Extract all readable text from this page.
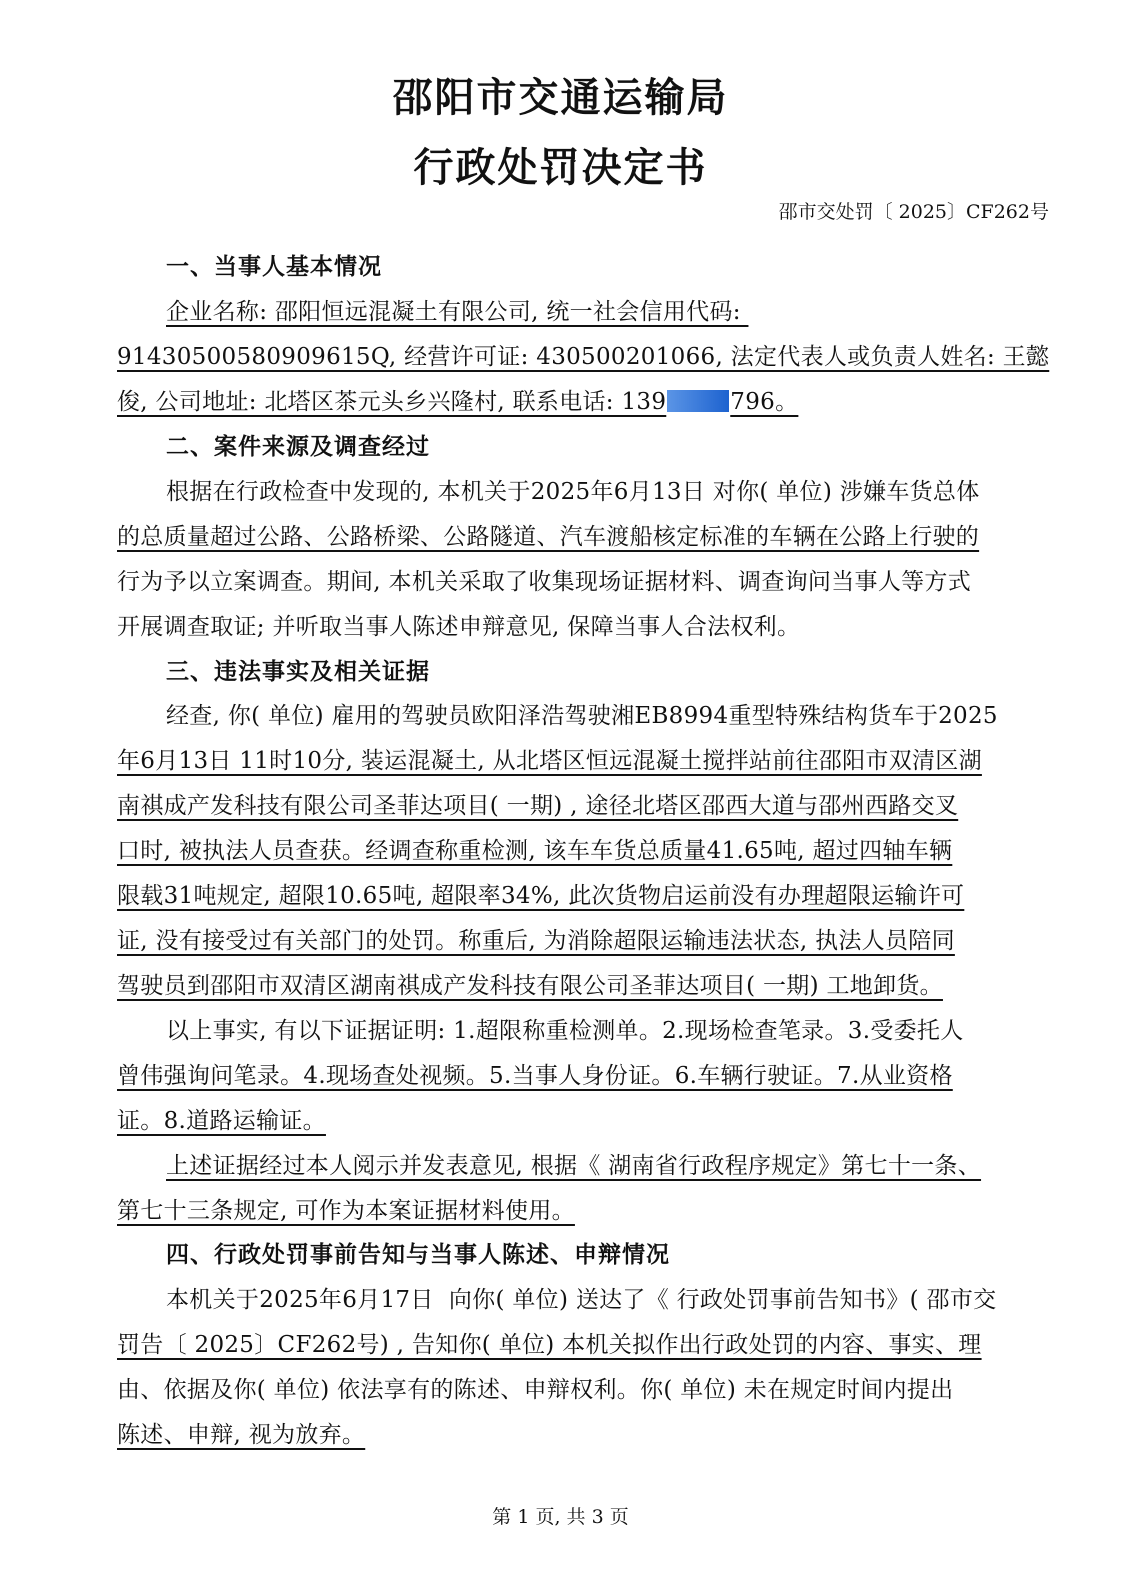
邵阳市交通运输局
行政处罚决定书
邵市交处罚〔 2025〕CF262号
一、当事人基本情况
企业名称: 邵阳恒远混凝土有限公司, 统一社会信用代码:
91430500580909615Q, 经营许可证: 430500201066, 法定代表人或负责人姓名: 王懿
俊, 公司地址: 北塔区茶元头乡兴隆村, 联系电话: 139	796。
二、案件来源及调查经过
根据在行政检查中发现的, 本机关于2025年6月13日 对你( 单位) 涉嫌车货总体
的总质量超过公路、公路桥梁、公路隧道、汽车渡船核定标准的车辆在公路上行驶的
行为予以立案调查。期间, 本机关采取了收集现场证据材料、调查询问当事人等方式
开展调查取证; 并听取当事人陈述申辩意见, 保障当事人合法权利。
三、违法事实及相关证据
经查, 你( 单位) 雇用的驾驶员欧阳泽浩驾驶湘EB8994重型特殊结构货车于2025
年6月13日 11时10分, 装运混凝土, 从北塔区恒远混凝土搅拌站前往邵阳市双清区湖
南祺成产发科技有限公司圣菲达项目( 一期) , 途径北塔区邵西大道与邵州西路交叉
口时, 被执法人员查获。经调查称重检测, 该车车货总质量41.65吨, 超过四轴车辆
限载31吨规定, 超限10.65吨, 超限率34%, 此次货物启运前没有办理超限运输许可
证, 没有接受过有关部门的处罚。称重后, 为消除超限运输违法状态, 执法人员陪同
驾驶员到邵阳市双清区湖南祺成产发科技有限公司圣菲达项目( 一期) 工地卸货。
以上事实, 有以下证据证明: 1.超限称重检测单。2.现场检查笔录。3.受委托人
曾伟强询问笔录。4.现场查处视频。5.当事人身份证。6.车辆行驶证。7.从业资格
证。8.道路运输证。
上述证据经过本人阅示并发表意见, 根据《 湖南省行政程序规定》第七十一条、
第七十三条规定, 可作为本案证据材料使用。
四、行政处罚事前告知与当事人陈述、申辩情况
本机关于2025年6月17日  向你( 单位) 送达了《 行政处罚事前告知书》( 邵市交
罚告〔 2025〕CF262号) , 告知你( 单位) 本机关拟作出行政处罚的内容、事实、理
由、依据及你( 单位) 依法享有的陈述、申辩权利。你( 单位) 未在规定时间内提出
陈述、申辩, 视为放弃。
第 1 页, 共 3 页
